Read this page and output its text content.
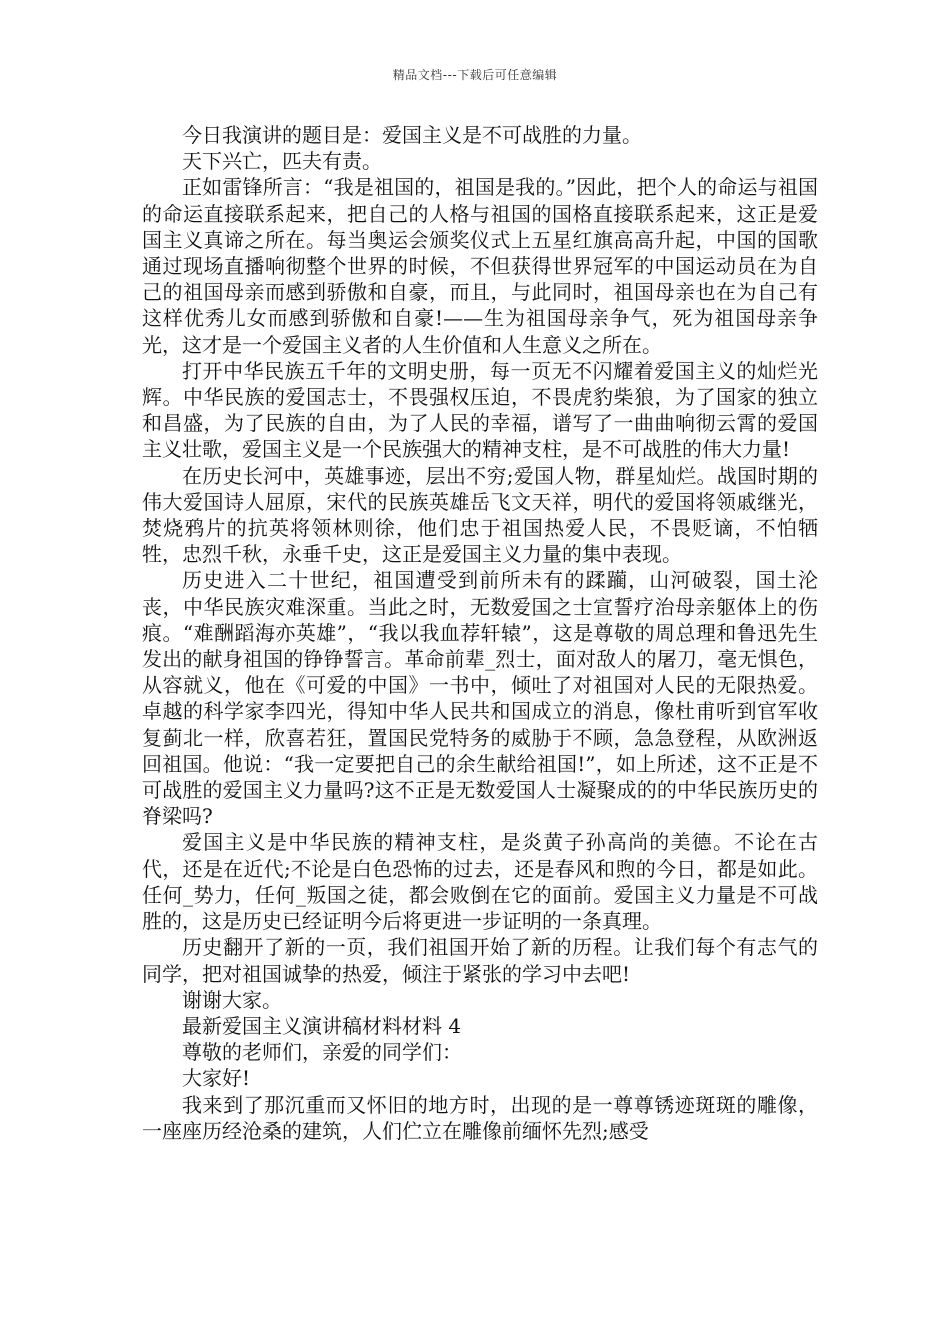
精品文档---下载后可任意编辑

今日我演讲的题目是：爱国主义是不可战胜的力量。

天下兴亡，匹夫有责。

正如雷锋所言：“我是祖国的，祖国是我的。”因此，把个人的命运与祖国的命运直接联系起来，把自己的人格与祖国的国格直接联系起来，这正是爱国主义真谛之所在。每当奥运会颁奖仪式上五星红旗高高升起，中国的国歌通过现场直播响彻整个世界的时候，不但获得世界冠军的中国运动员在为自己的祖国母亲而感到骄傲和自豪，而且，与此同时，祖国母亲也在为自己有这样优秀儿女而感到骄傲和自豪!——生为祖国母亲争气，死为祖国母亲争光，这才是一个爱国主义者的人生价值和人生意义之所在。

打开中华民族五千年的文明史册，每一页无不闪耀着爱国主义的灿烂光辉。中华民族的爱国志士，不畏强权压迫，不畏虎豹柴狼，为了国家的独立和昌盛，为了民族的自由，为了人民的幸福，谱写了一曲曲响彻云霄的爱国主义壮歌，爱国主义是一个民族强大的精神支柱，是不可战胜的伟大力量!

在历史长河中，英雄事迹，层出不穷;爱国人物，群星灿烂。战国时期的伟大爱国诗人屈原，宋代的民族英雄岳飞文天祥，明代的爱国将领戚继光，焚烧鸦片的抗英将领林则徐，他们忠于祖国热爱人民，不畏贬谪，不怕牺牲，忠烈千秋，永垂千史，这正是爱国主义力量的集中表现。

历史进入二十世纪，祖国遭受到前所未有的蹂躏，山河破裂，国土沦丧，中华民族灾难深重。当此之时，无数爱国之士宣誓疗治母亲躯体上的伤痕。“难酬蹈海亦英雄”，“我以我血荐轩辕”，这是尊敬的周总理和鲁迅先生发出的献身祖国的铮铮誓言。革命前辈_烈士，面对敌人的屠刀，毫无惧色，从容就义，他在《可爱的中国》一书中，倾吐了对祖国对人民的无限热爱。卓越的科学家李四光，得知中华人民共和国成立的消息，像杜甫听到官军收复蓟北一样，欣喜若狂，置国民党特务的威胁于不顾，急急登程，从欧洲返回祖国。他说：“我一定要把自己的余生献给祖国!”，如上所述，这不正是不可战胜的爱国主义力量吗?这不正是无数爱国人士凝聚成的的中华民族历史的脊梁吗?

爱国主义是中华民族的精神支柱，是炎黄子孙高尚的美德。不论在古代，还是在近代;不论是白色恐怖的过去，还是春风和煦的今日，都是如此。任何_势力，任何_叛国之徒，都会败倒在它的面前。爱国主义力量是不可战胜的，这是历史已经证明今后将更进一步证明的一条真理。

历史翻开了新的一页，我们祖国开始了新的历程。让我们每个有志气的同学，把对祖国诚挚的热爱，倾注于紧张的学习中去吧!

谢谢大家。

最新爱国主义演讲稿材料材料 4

尊敬的老师们，亲爱的同学们：

大家好!

我来到了那沉重而又怀旧的地方时，出现的是一尊尊锈迹斑斑的雕像，一座座历经沧桑的建筑，人们伫立在雕像前缅怀先烈;感受
